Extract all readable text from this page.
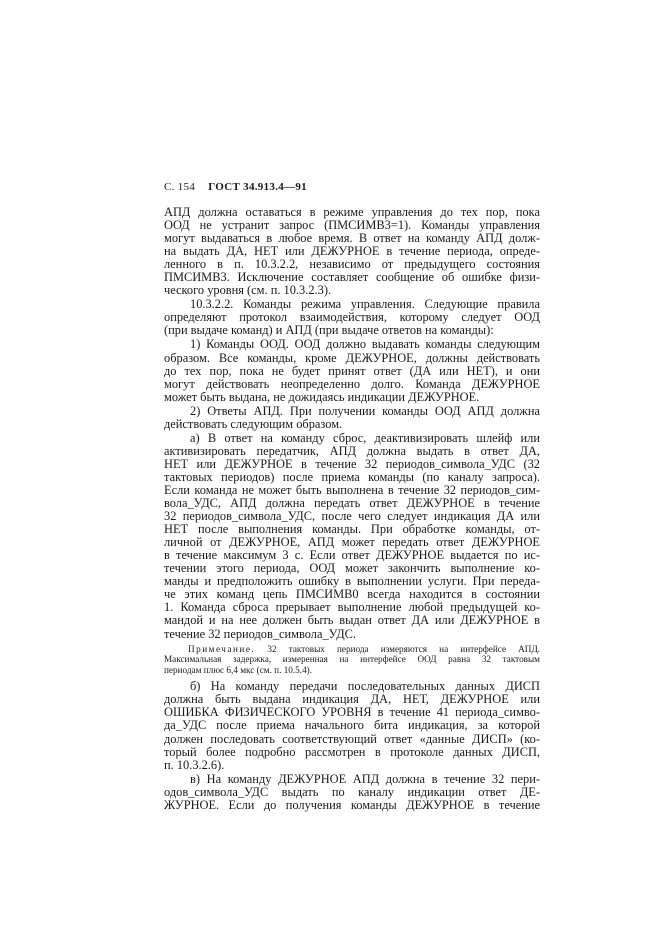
С. 154 ГОСТ 34.913.4—91

АПД должна оставаться в режиме управления до тех пор, пока

ООД не устранит запрос (ПМСИМВ3=1). Команды управления

могут выдаваться в любое время. В ответ на команду АПД долж-

на выдать ДА, НЕТ или ДЕЖУРНОЕ в течение периода, опреде-

ленного в п. 10.3.2.2, независимо от предыдущего состояния

ПМСИМВ3. Исключение составляет сообщение об ошибке физи-

ческого уровня (см. п. 10.3.2.3).

10.3.2.2. Команды режима управления. Следующие правила

определяют протокол взаимодействия, которому следует ООД

(при выдаче команд) и АПД (при выдаче ответов на команды):

1) Команды ООД. ООД должно выдавать команды следующим

образом. Все команды, кроме ДЕЖУРНОЕ, должны действовать

до тех пор, пока не будет принят ответ (ДА или НЕТ), и они

могут действовать неопределенно долго. Команда ДЕЖУРНОЕ

может быть выдана, не дожидаясь индикации ДЕЖУРНОЕ.

2) Ответы АПД. При получении команды ООД АПД должна

действовать следующим образом.

а) В ответ на команду сброс, деактивизировать шлейф или

активизировать передатчик, АПД должна выдать в ответ ДА,

НЕТ или ДЕЖУРНОЕ в течение 32 периодов_символа_УДС (32

тактовых периодов) после приема команды (по каналу запроса).

Если команда не может быть выполнена в течение 32 периодов_сим-

вола_УДС, АПД должна передать ответ ДЕЖУРНОЕ в течение

32 периодов_символа_УДС, после чего следует индикация ДА или

НЕТ после выполнения команды. При обработке команды, от-

личной от ДЕЖУРНОЕ, АПД может передать ответ ДЕЖУРНОЕ

в течение максимум 3 с. Если ответ ДЕЖУРНОЕ выдается по ис-

течении этого периода, ООД может закончить выполнение ко-

манды и предположить ошибку в выполнении услуги. При переда-

че этих команд цепь ПМСИМВ0 всегда находится в состоянии

1. Команда сброса прерывает выполнение любой предыдущей ко-

мандой и на нее должен быть выдан ответ ДА или ДЕЖУРНОЕ в

течение 32 периодов_символа_УДС.

Примечание. 32 тактовых периода измеряются на интерфейсе АПД.

Максимальная задержка, измеренная на интерфейсе ООД равна 32 тактовым

периодам плюс 6,4 мкс (см. п. 10.5.4).

б) На команду передачи последовательных данных ДИСП

должна быть выдана индикация ДА, НЕТ, ДЕЖУРНОЕ или

ОШИБКА ФИЗИЧЕСКОГО УРОВНЯ в течение 41 периода_симво-

да_УДС после приема начального бита индикация, за которой

должен последовать соответствующий ответ «данные ДИСП» (ко-

торый более подробно рассмотрен в протоколе данных ДИСП,

п. 10.3.2.6).

в) На команду ДЕЖУРНОЕ АПД должна в течение 32 пери-

одов_символа_УДС выдать по каналу индикации ответ ДЕ-

ЖУРНОЕ. Если до получения команды ДЕЖУРНОЕ в течение
